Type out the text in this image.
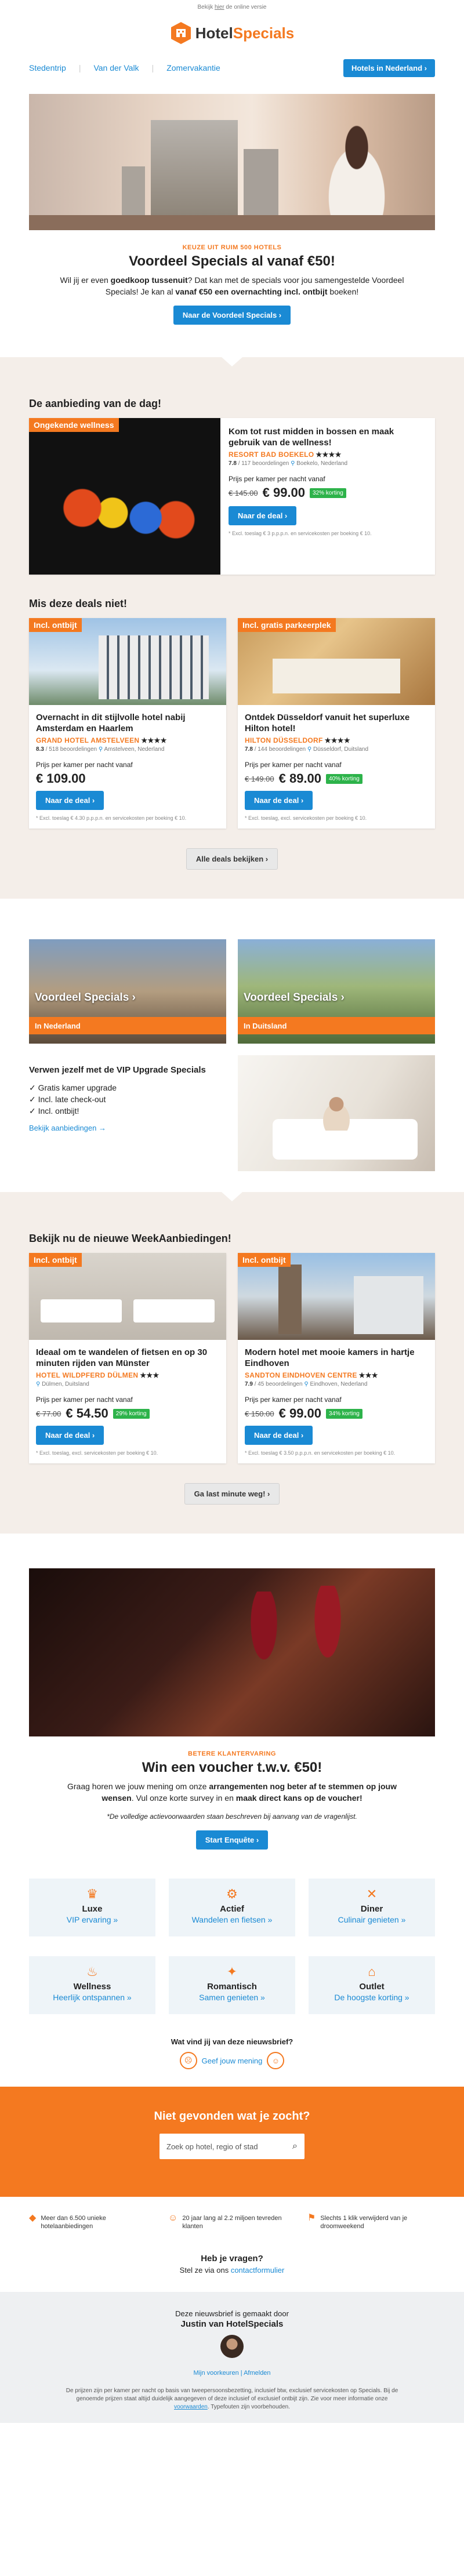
Bekijk hier de online versie
Hotel Specials
Stedentrip | Van der Valk | Zomervakantie	Hotels in Nederland ›
KEUZE UIT RUIM 500 HOTELS
Voordeel Specials al vanaf €50!
Wil jij er even goedkoop tussenuit? Dat kan met de specials voor jou samengestelde Voordeel Specials! Je kan al vanaf €50 een overnachting incl. ontbijt boeken!
Naar de Voordeel Specials ›
De aanbieding van de dag!
Ongekende wellness
Kom tot rust midden in bossen en maak gebruik van de wellness!
RESORT BAD BOEKELO ★★★★
7.8 / 117 beoordelingen ⚲ Boekelo, Nederland
Prijs per kamer per nacht vanaf
€ 145.00 € 99.00	32% korting
Naar de deal ›
* Excl. toeslag € 3 p.p.p.n. en servicekosten per boeking € 10.
Mis deze deals niet!
Incl. ontbijt
Overnacht in dit stijlvolle hotel nabij Amsterdam en Haarlem
GRAND HOTEL AMSTELVEEN ★★★★
8.3 / 518 beoordelingen ⚲ Amstelveen, Nederland
Prijs per kamer per nacht vanaf
€ 109.00
Naar de deal ›
* Excl. toeslag € 4.30 p.p.p.n. en servicekosten per boeking € 10.
Incl. gratis parkeerplek
Ontdek Düsseldorf vanuit het superluxe Hilton hotel!
HILTON DÜSSELDORF ★★★★
7.8 / 144 beoordelingen ⚲ Düsseldorf, Duitsland
Prijs per kamer per nacht vanaf
€ 149.00 € 89.00	40% korting
Naar de deal ›
* Excl. toeslag, excl. servicekosten per boeking € 10.
Alle deals bekijken ›
Voordeel Specials ›
In Nederland
Voordeel Specials ›
In Duitsland
Verwen jezelf met de VIP Upgrade Specials
✓ Gratis kamer upgrade
✓ Incl. late check-out
✓ Incl. ontbijt!
Bekijk aanbiedingen →
Bekijk nu de nieuwe WeekAanbiedingen!
Incl. ontbijt
Ideaal om te wandelen of fietsen en op 30 minuten rijden van Münster
HOTEL WILDPFERD DÜLMEN ★★★
⚲ Dülmen, Duitsland
Prijs per kamer per nacht vanaf
€ 77.00 € 54.50	29% korting
Naar de deal ›
* Excl. toeslag, excl. servicekosten per boeking € 10.
Incl. ontbijt
Modern hotel met mooie kamers in hartje Eindhoven
SANDTON EINDHOVEN CENTRE ★★★
7.9 / 45 beoordelingen ⚲ Eindhoven, Nederland
Prijs per kamer per nacht vanaf
€ 150.00 € 99.00	34% korting
Naar de deal ›
* Excl. toeslag € 3.50 p.p.p.n. en servicekosten per boeking € 10.
Ga last minute weg! ›
BETERE KLANTERVARING
Win een voucher t.w.v. €50!
Graag horen we jouw mening om onze arrangementen nog beter af te stemmen op jouw wensen. Vul onze korte survey in en maak direct kans op de voucher!
*De volledige actievoorwaarden staan beschreven bij aanvang van de vragenlijst.
Start Enquête ›
♛
Luxe
VIP ervaring »
⚙
Actief
Wandelen en fietsen »
✕
Diner
Culinair genieten »
♨
Wellness
Heerlijk ontspannen »
✦
Romantisch
Samen genieten »
⌂
Outlet
De hoogste korting »
Wat vind jij van deze nieuwsbrief?
☹	Geef jouw mening	☺
Niet gevonden wat je zocht?
Zoek op hotel, regio of stad	⌕
◆ Meer dan 6.500 unieke hotelaanbiedingen
☺ 20 jaar lang al 2.2 miljoen tevreden klanten
⚑ Slechts 1 klik verwijderd van je droomweekend
Heb je vragen?
Stel ze via ons contactformulier
Deze nieuwsbrief is gemaakt door
Justin van HotelSpecials
Mijn voorkeuren | Afmelden
De prijzen zijn per kamer per nacht op basis van tweepersoonsbezetting, inclusief btw, exclusief servicekosten op Specials. Bij de genoemde prijzen staat altijd duidelijk aangegeven of deze inclusief of exclusief ontbijt zijn. Zie voor meer informatie onze voorwaarden. Typefouten zijn voorbehouden.
